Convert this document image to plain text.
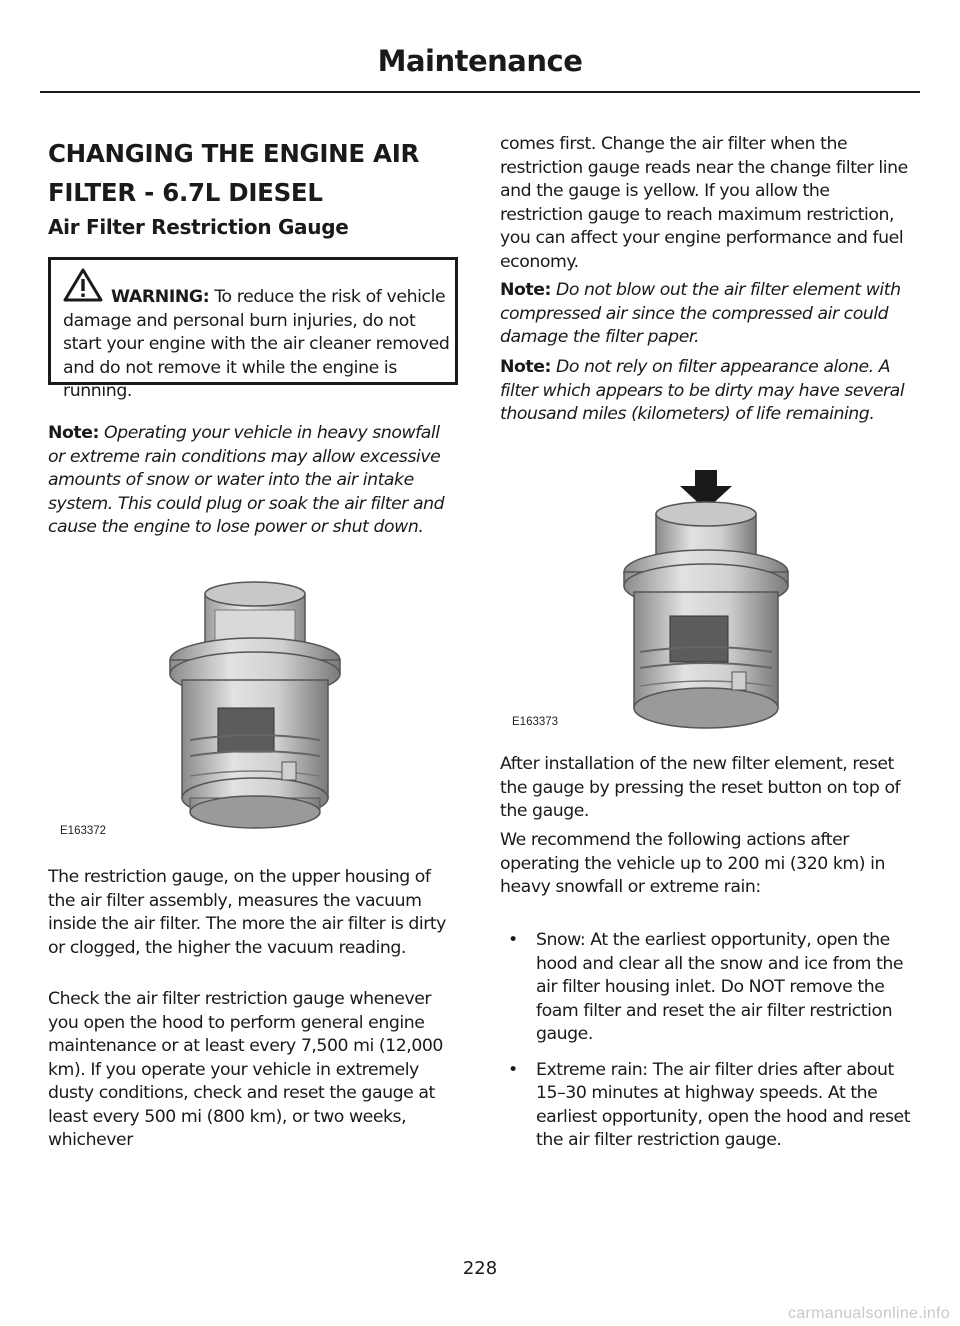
Maintenance
CHANGING THE ENGINE AIR
FILTER - 6.7L DIESEL
Air Filter Restriction Gauge
WARNING: To reduce the risk of vehicle damage and personal burn injuries, do not start your engine with the air cleaner removed and do not remove it while the engine is running.

Note: Operating your vehicle in heavy snowfall or extreme rain conditions may allow excessive amounts of snow or water into the air intake system. This could plug or soak the air filter and cause the engine to lose power or shut down.

E163372

The restriction gauge, on the upper housing of the air filter assembly, measures the vacuum inside the air filter. The more the air filter is dirty or clogged, the higher the vacuum reading.

Check the air filter restriction gauge whenever you open the hood to perform general engine maintenance or at least every 7,500 mi (12,000 km). If you operate your vehicle in extremely dusty conditions, check and reset the gauge at least every 500 mi (800 km), or two weeks, whichever

comes first. Change the air filter when the restriction gauge reads near the change filter line and the gauge is yellow. If you allow the restriction gauge to reach maximum restriction, you can affect your engine performance and fuel economy.

Note: Do not blow out the air filter element with compressed air since the compressed air could damage the filter paper.

Note: Do not rely on filter appearance alone. A filter which appears to be dirty may have several thousand miles (kilometers) of life remaining.

E163373

After installation of the new filter element, reset the gauge by pressing the reset button on top of the gauge.

We recommend the following actions after operating the vehicle up to 200 mi (320 km) in heavy snowfall or extreme rain:

• Snow: At the earliest opportunity, open the hood and clear all the snow and ice from the air filter housing inlet. Do NOT remove the foam filter and reset the air filter restriction gauge.
• Extreme rain: The air filter dries after about 15–30 minutes at highway speeds. At the earliest opportunity, open the hood and reset the air filter restriction gauge.
228
carmanualsonline.info
